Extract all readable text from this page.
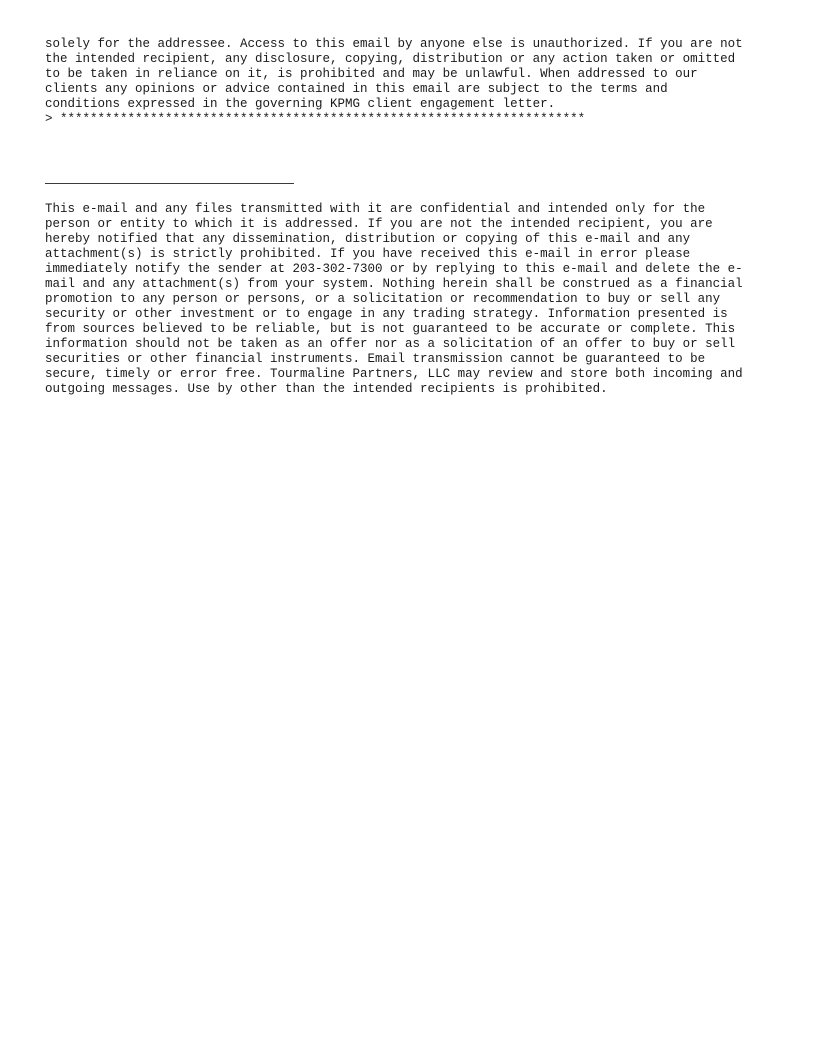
solely for the addressee. Access to this email by anyone else is unauthorized. If you are not
the intended recipient, any disclosure, copying, distribution or any action taken or omitted
to be taken in reliance on it, is prohibited and may be unlawful. When addressed to our
clients any opinions or advice contained in this email are subject to the terms and
conditions expressed in the governing KPMG client engagement letter.
> **********************************************************************
This e-mail and any files transmitted with it are confidential and intended only for the
person or entity to which it is addressed. If you are not the intended recipient, you are
hereby notified that any dissemination, distribution or copying of this e-mail and any
attachment(s) is strictly prohibited. If you have received this e-mail in error please
immediately notify the sender at 203-302-7300 or by replying to this e-mail and delete the e-
mail and any attachment(s) from your system. Nothing herein shall be construed as a financial
promotion to any person or persons, or a solicitation or recommendation to buy or sell any
security or other investment or to engage in any trading strategy. Information presented is
from sources believed to be reliable, but is not guaranteed to be accurate or complete. This
information should not be taken as an offer nor as a solicitation of an offer to buy or sell
securities or other financial instruments. Email transmission cannot be guaranteed to be
secure, timely or error free. Tourmaline Partners, LLC may review and store both incoming and
outgoing messages. Use by other than the intended recipients is prohibited.
